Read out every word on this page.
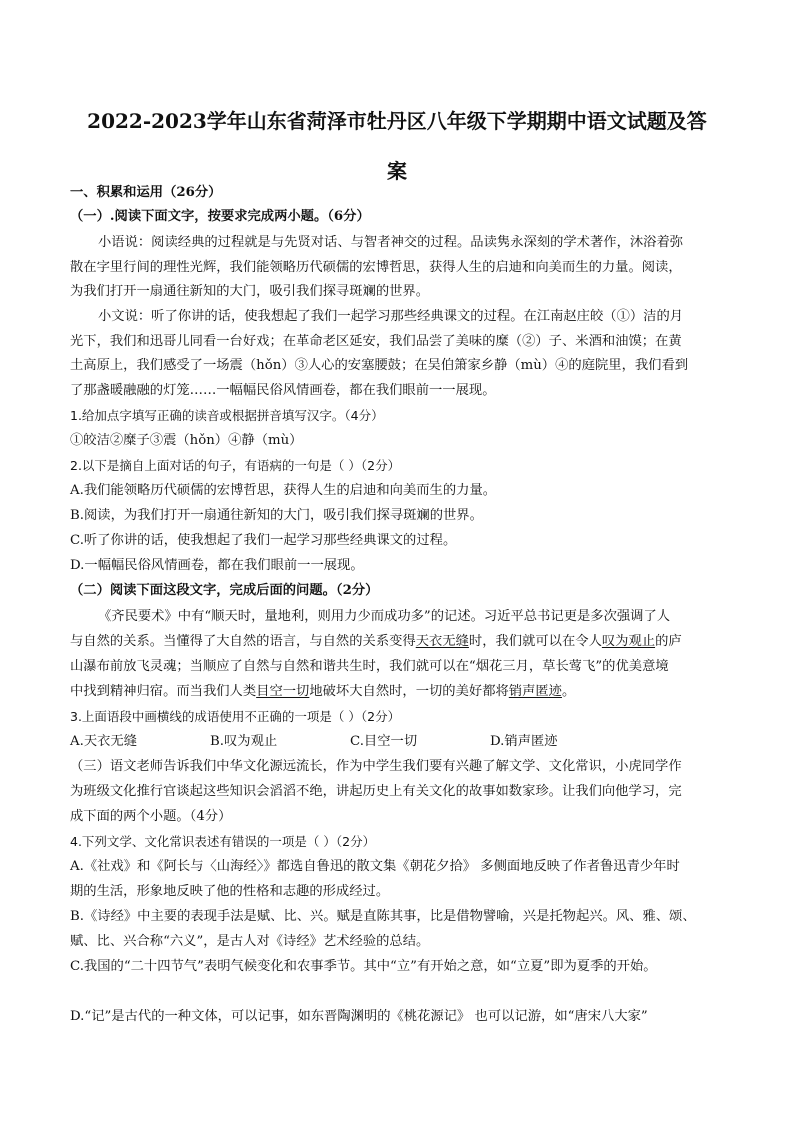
2022-2023学年山东省菏泽市牡丹区八年级下学期期中语文试题及答
案
一、积累和运用（26分）
（一）.阅读下面文字，按要求完成两小题。（6分）
小语说：阅读经典的过程就是与先贤对话、与智者神交的过程。品读隽永深刻的学术著作，沐浴着弥
散在字里行间的理性光辉，我们能领略历代硕儒的宏博哲思，获得人生的启迪和向美而生的力量。阅读，
为我们打开一扇通往新知的大门，吸引我们探寻斑斓的世界。
小文说：听了你讲的话，使我想起了我们一起学习那些经典课文的过程。在江南赵庄皎（①）洁的月
光下，我们和迅哥儿同看一台好戏；在革命老区延安，我们品尝了美味的糜（②）子、米酒和油馍；在黄
土高原上，我们感受了一场震（hǒn）③人心的安塞腰鼓；在吴伯箫家乡静（mù）④的庭院里，我们看到
了那盏暖融融的灯笼……一幅幅民俗风情画卷，都在我们眼前一一展现。
1.给加点字填写正确的读音或根据拼音填写汉字。（4分）
①皎洁②糜子③震（hǒn）④静（mù）
2.以下是摘自上面对话的句子，有语病的一句是（ ）（2分）
A.我们能领略历代硕儒的宏博哲思，获得人生的启迪和向美而生的力量。
B.阅读，为我们打开一扇通往新知的大门，吸引我们探寻斑斓的世界。
C.听了你讲的话，使我想起了我们一起学习那些经典课文的过程。
D.一幅幅民俗风情画卷，都在我们眼前一一展现。
（二）阅读下面这段文字，完成后面的问题。（2分）
《齐民要术》中有“顺天时，量地利，则用力少而成功多”的记述。习近平总书记更是多次强调了人
与自然的关系。当懂得了大自然的语言，与自然的关系变得天衣无缝时，我们就可以在令人叹为观止的庐
山瀑布前放飞灵魂；当顺应了自然与自然和谐共生时，我们就可以在“烟花三月，草长莺飞”的优美意境
中找到精神归宿。而当我们人类目空一切地破坏大自然时，一切的美好都将销声匿迹。
3.上面语段中画横线的成语使用不正确的一项是（ ）（2分）
A.天衣无缝	B.叹为观止	C.目空一切	D.销声匿迹
（三）语文老师告诉我们中华文化源远流长，作为中学生我们要有兴趣了解文学、文化常识，小虎同学作
为班级文化推行官谈起这些知识会滔滔不绝，讲起历史上有关文化的故事如数家珍。让我们向他学习，完
成下面的两个小题。（4分）
4.下列文学、文化常识表述有错误的一项是（ ）（2分）
A.《社戏》和《阿长与〈山海经〉》都选自鲁迅的散文集《朝花夕拾》 多侧面地反映了作者鲁迅青少年时
期的生活，形象地反映了他的性格和志趣的形成经过。
B.《诗经》中主要的表现手法是赋、比、兴。赋是直陈其事，比是借物譬喻，兴是托物起兴。风、雅、颂、
赋、比、兴合称“六义”，是古人对《诗经》艺术经验的总结。
C.我国的“二十四节气”表明气候变化和农事季节。其中“立”有开始之意，如“立夏”即为夏季的开始。
D.“记”是古代的一种文体，可以记事，如东晋陶渊明的《桃花源记》 也可以记游，如“唐宋八大家”
